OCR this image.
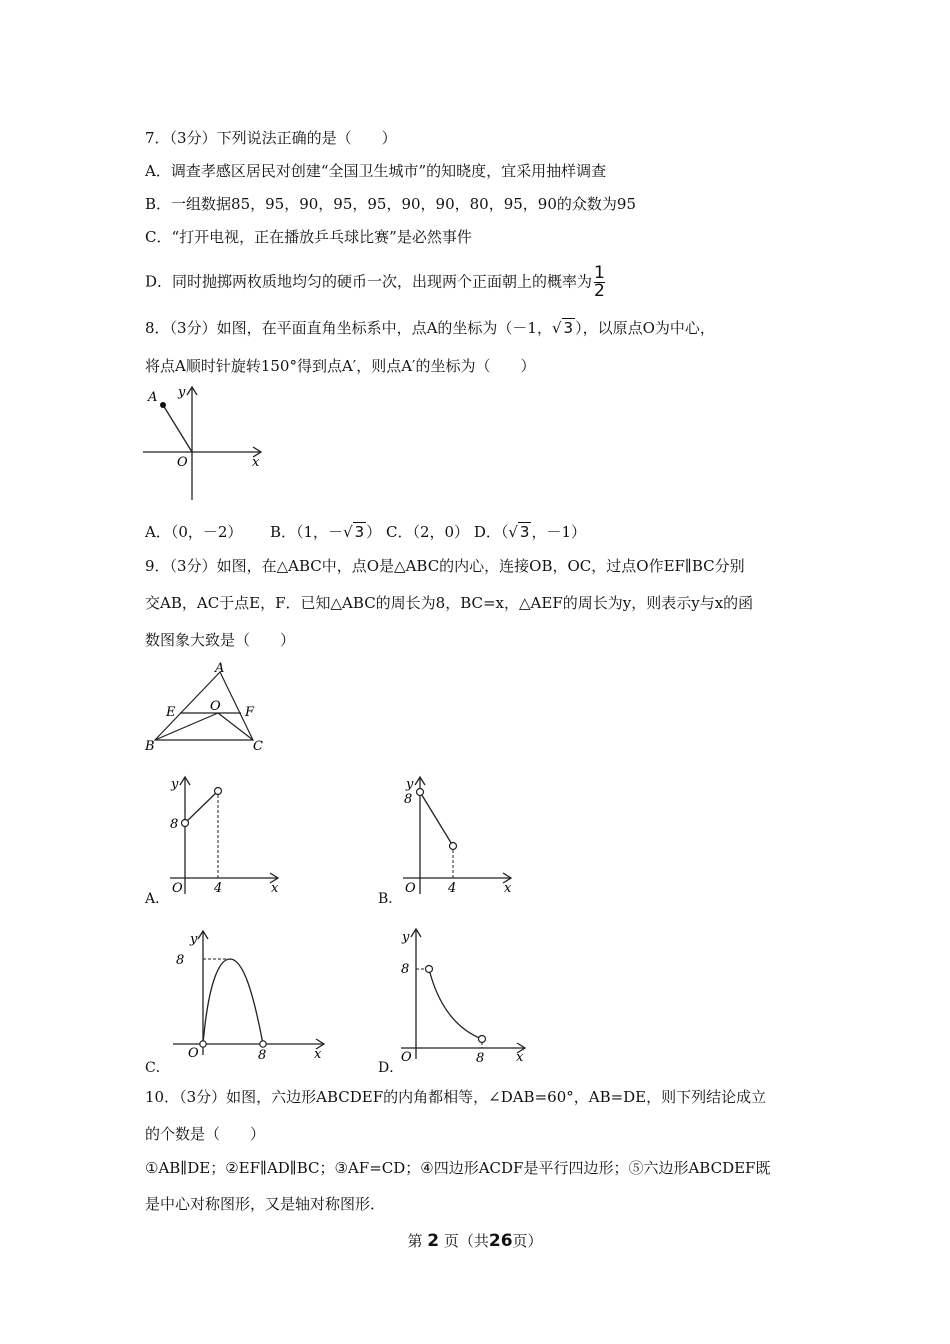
7．（3分）下列说法正确的是（　　）
A．调查孝感区居民对创建“全国卫生城市”的知晓度，宜采用抽样调查
B．一组数据85，95，90，95，95，90，90，80，95，90的众数为95
C．“打开电视，正在播放乒乓球比赛”是必然事件
D．同时抛掷两枚质地均匀的硬币一次，出现两个正面朝上的概率为 $\frac{1}{2}$
8．（3分）如图，在平面直角坐标系中，点A的坐标为（－1，√ 3 ），以原点O为中心，
将点A顺时针旋转150°得到点A′，则点A′的坐标为（　　）
A y
O	x
A．（0，－2） B．（1，－√ 3 ） C．（2，0） D．（√ 3 ，－1）
9．（3分）如图，在△ABC中，点O是△ABC的内心，连接OB，OC，过点O作EF∥BC分别
交AB，AC于点E，F．已知△ABC的周长为8，BC=x，△AEF的周长为y，则表示y与x的函
数图象大致是（　　）
A
E	O F
B	C
A．
y
8
O 4	x
B．
y
8
O 4	x
C．
y
8
O	8	x
D．
y
8
O	8 x
10．（3分）如图，六边形ABCDEF的内角都相等，∠DAB=60°，AB=DE，则下列结论成立
的个数是（　　）
①AB∥DE；②EF∥AD∥BC；③AF=CD；④四边形ACDF是平行四边形；⑤六边形ABCDEF既
是中心对称图形，又是轴对称图形．
第 2 页（共26页）
